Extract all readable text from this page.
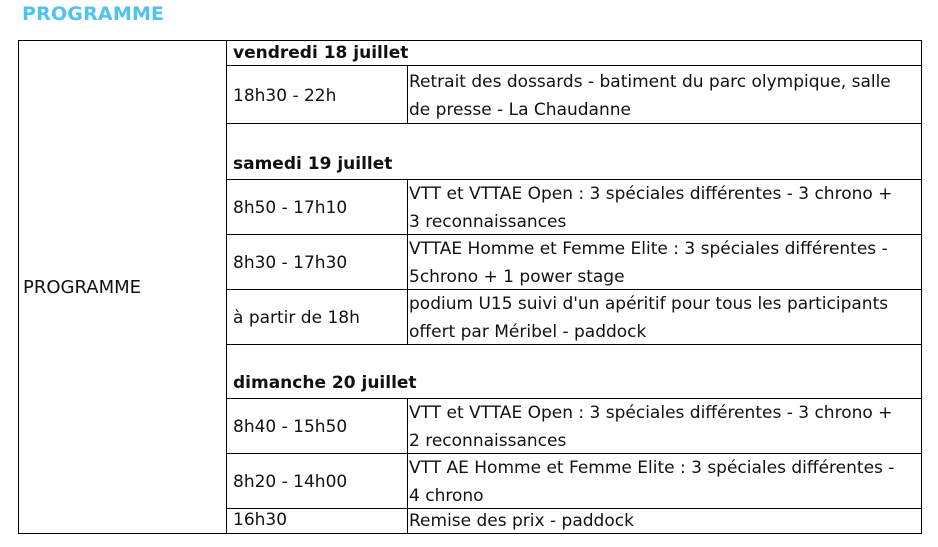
PROGRAMME
PROGRAMME
vendredi 18 juillet
18h30 - 22h
Retrait des dossards - batiment du parc olympique, salle
de presse - La Chaudanne
samedi 19 juillet
8h50 - 17h10
VTT et VTTAE Open : 3 spéciales différentes - 3 chrono +
3 reconnaissances
8h30 - 17h30
VTTAE Homme et Femme Elite : 3 spéciales différentes -
5chrono + 1 power stage
à partir de 18h
podium U15 suivi d'un apéritif pour tous les participants
offert par Méribel - paddock
dimanche 20 juillet
8h40 - 15h50
VTT et VTTAE Open : 3 spéciales différentes - 3 chrono +
2 reconnaissances
8h20 - 14h00
VTT AE Homme et Femme Elite : 3 spéciales différentes -
4 chrono
16h30	Remise des prix - paddock
